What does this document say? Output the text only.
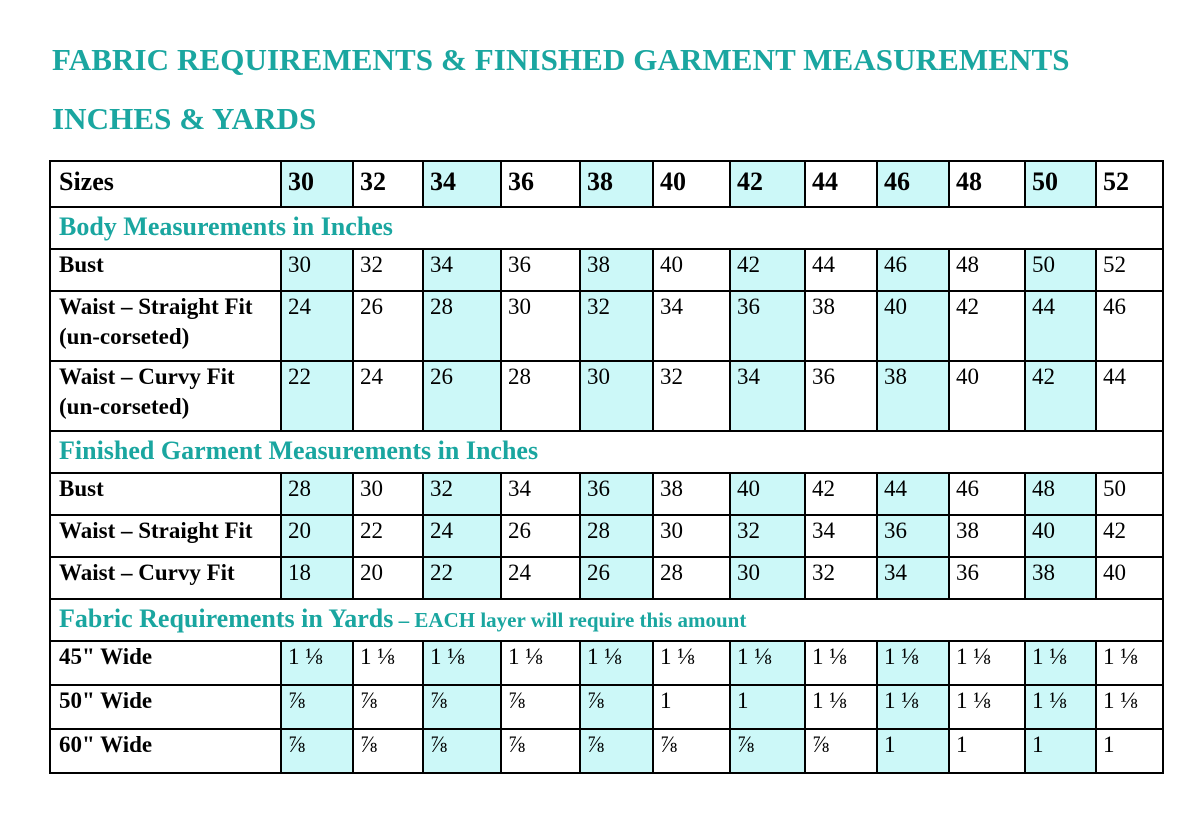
FABRIC REQUIREMENTS & FINISHED GARMENT MEASUREMENTS
INCHES & YARDS
Sizes	30	32	34	36	38	40	42	44	46	48	50	52
Body Measurements in Inches												
Bust	30	32	34	36	38	40	42	44	46	48	50	52
Waist – Straight Fit (un-corseted)	24	26	28	30	32	34	36	38	40	42	44	46
Waist – Curvy Fit (un-corseted)	22	24	26	28	30	32	34	36	38	40	42	44
Finished Garment Measurements in Inches												
Bust	28	30	32	34	36	38	40	42	44	46	48	50
Waist – Straight Fit	20	22	24	26	28	30	32	34	36	38	40	42
Waist – Curvy Fit	18	20	22	24	26	28	30	32	34	36	38	40
Fabric Requirements in Yards – EACH layer will require this amount												
45" Wide	1 ⅛	1 ⅛	1 ⅛	1 ⅛	1 ⅛	1 ⅛	1 ⅛	1 ⅛	1 ⅛	1 ⅛	1 ⅛	1 ⅛
50" Wide	⅞	⅞	⅞	⅞	⅞	1	1	1 ⅛	1 ⅛	1 ⅛	1 ⅛	1 ⅛
60" Wide	⅞	⅞	⅞	⅞	⅞	⅞	⅞	⅞	1	1	1	1
